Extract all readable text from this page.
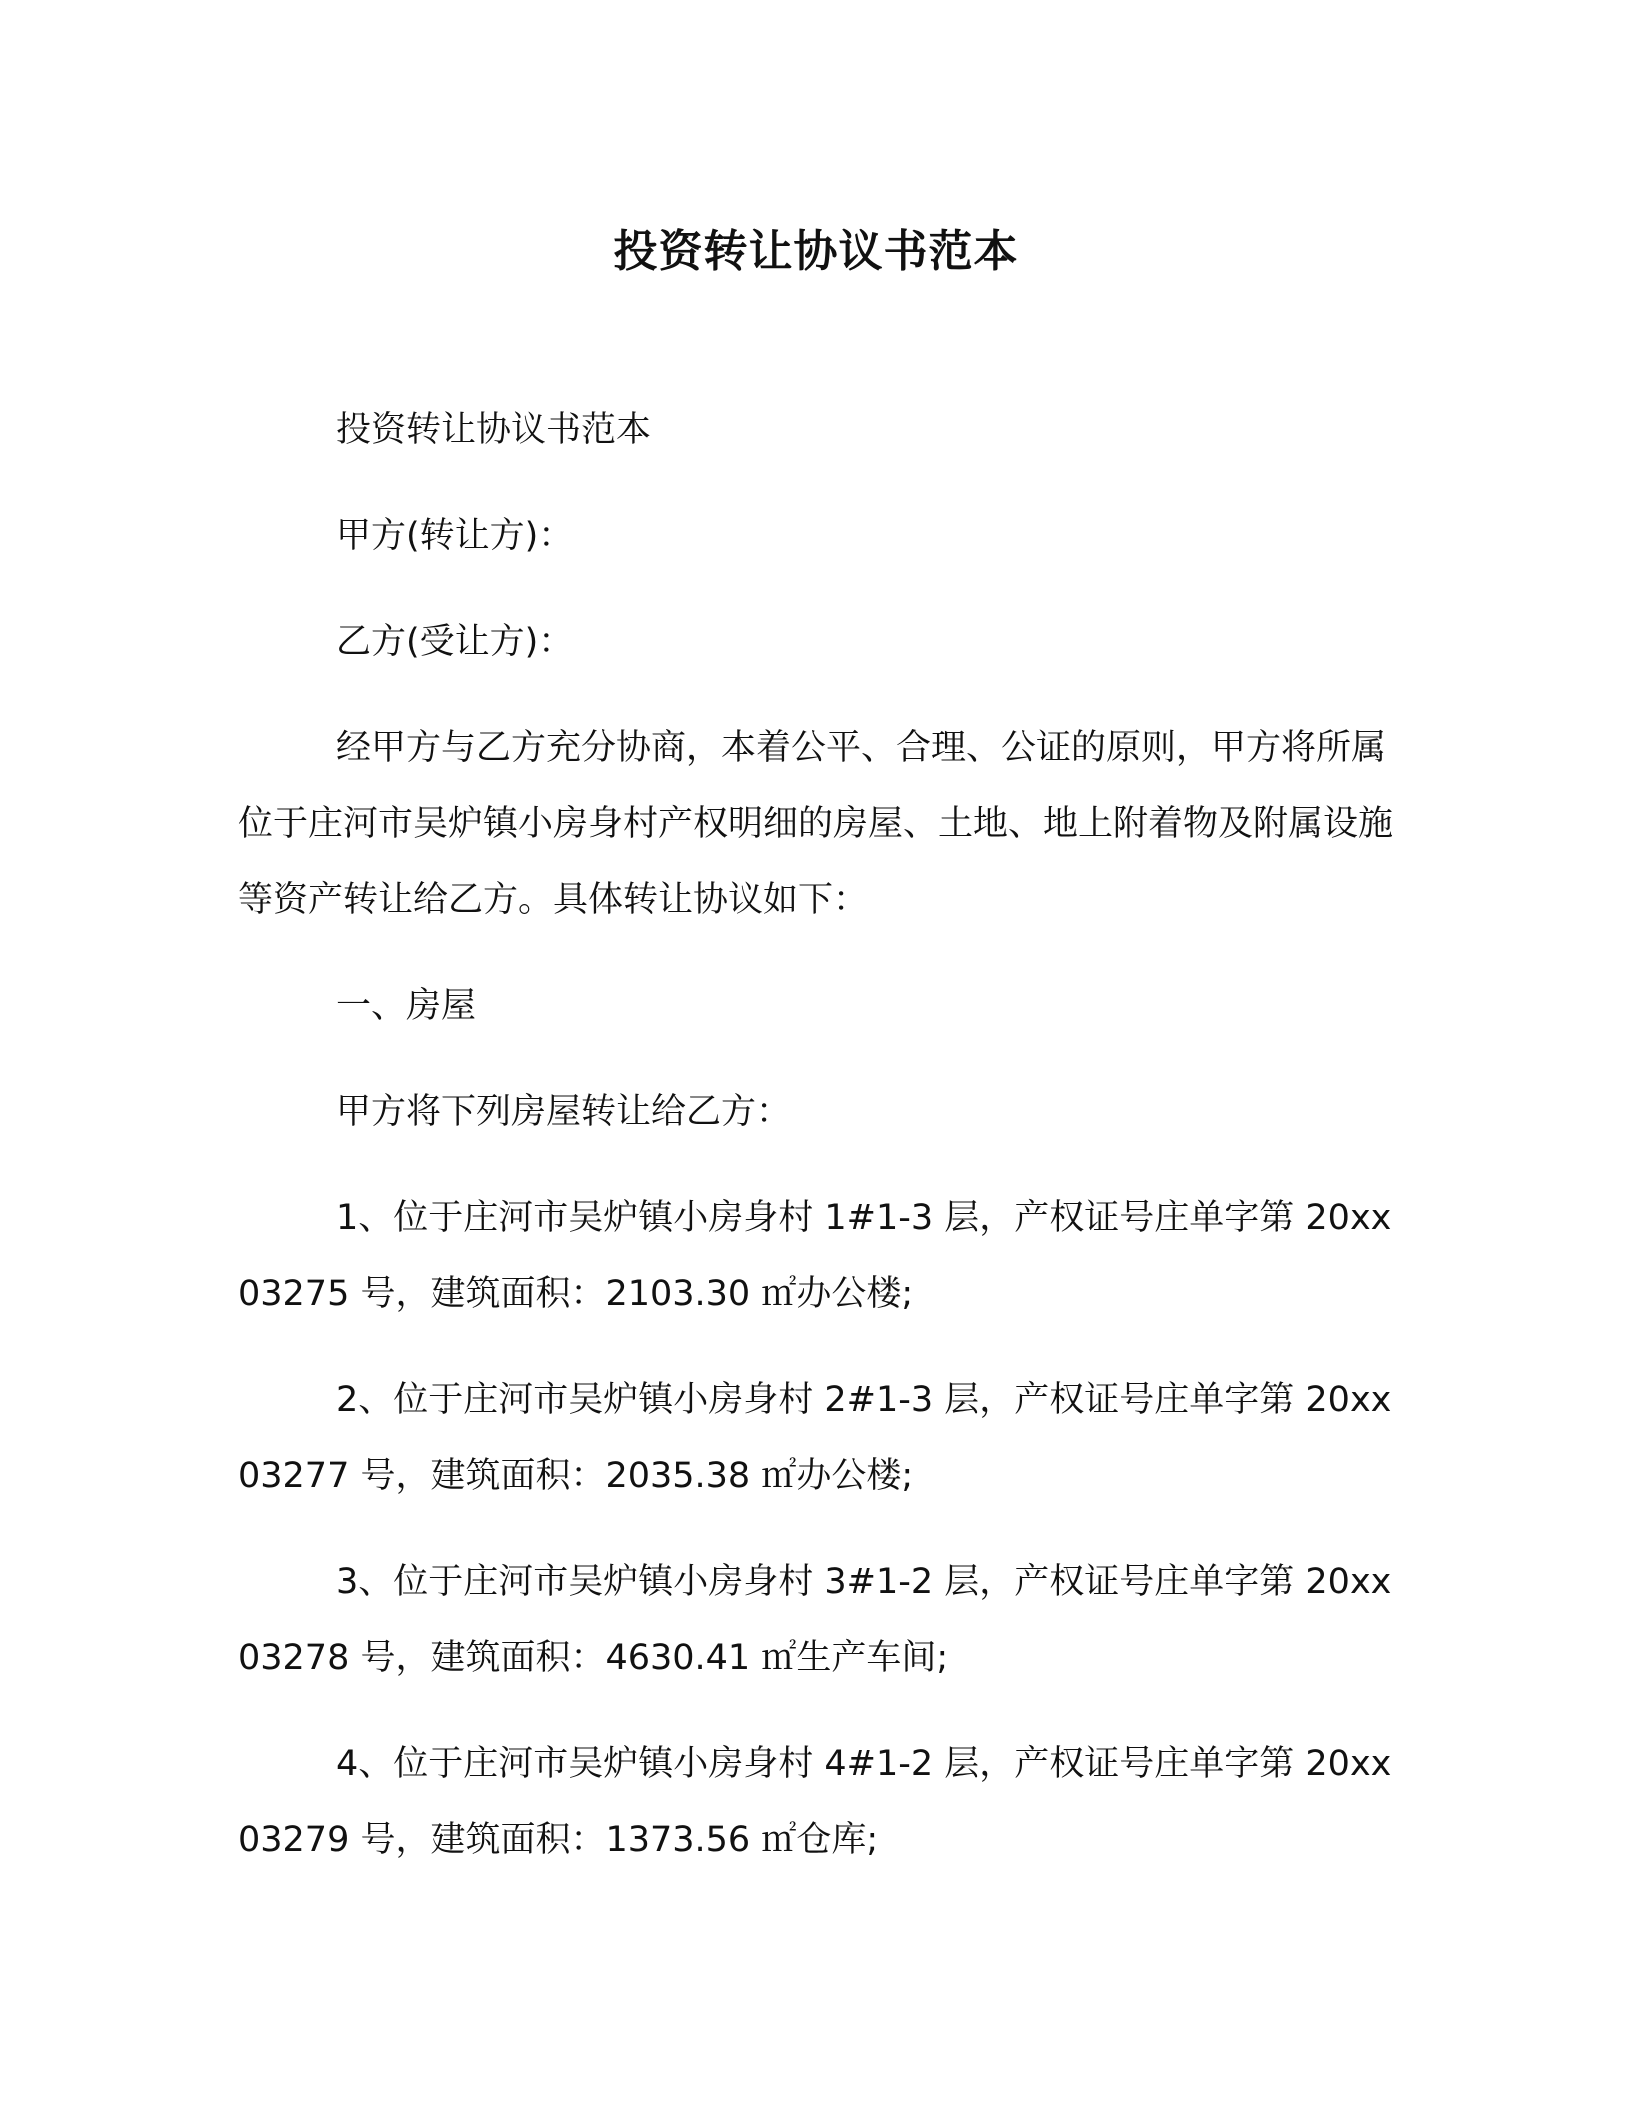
投资转让协议书范本

投资转让协议书范本

甲方(转让方)：

乙方(受让方)：

经甲方与乙方充分协商，本着公平、合理、公证的原则，甲方将所属位于庄河市吴炉镇小房身村产权明细的房屋、土地、地上附着物及附属设施等资产转让给乙方。具体转让协议如下：

一、房屋

甲方将下列房屋转让给乙方：

1、位于庄河市吴炉镇小房身村 1#1-3 层，产权证号庄单字第 20xx03275 号，建筑面积：2103.30 ㎡办公楼;

2、位于庄河市吴炉镇小房身村 2#1-3 层，产权证号庄单字第 20xx03277 号，建筑面积：2035.38 ㎡办公楼;

3、位于庄河市吴炉镇小房身村 3#1-2 层，产权证号庄单字第 20xx03278 号，建筑面积：4630.41 ㎡生产车间;

4、位于庄河市吴炉镇小房身村 4#1-2 层，产权证号庄单字第 20xx03279 号，建筑面积：1373.56 ㎡仓库;
